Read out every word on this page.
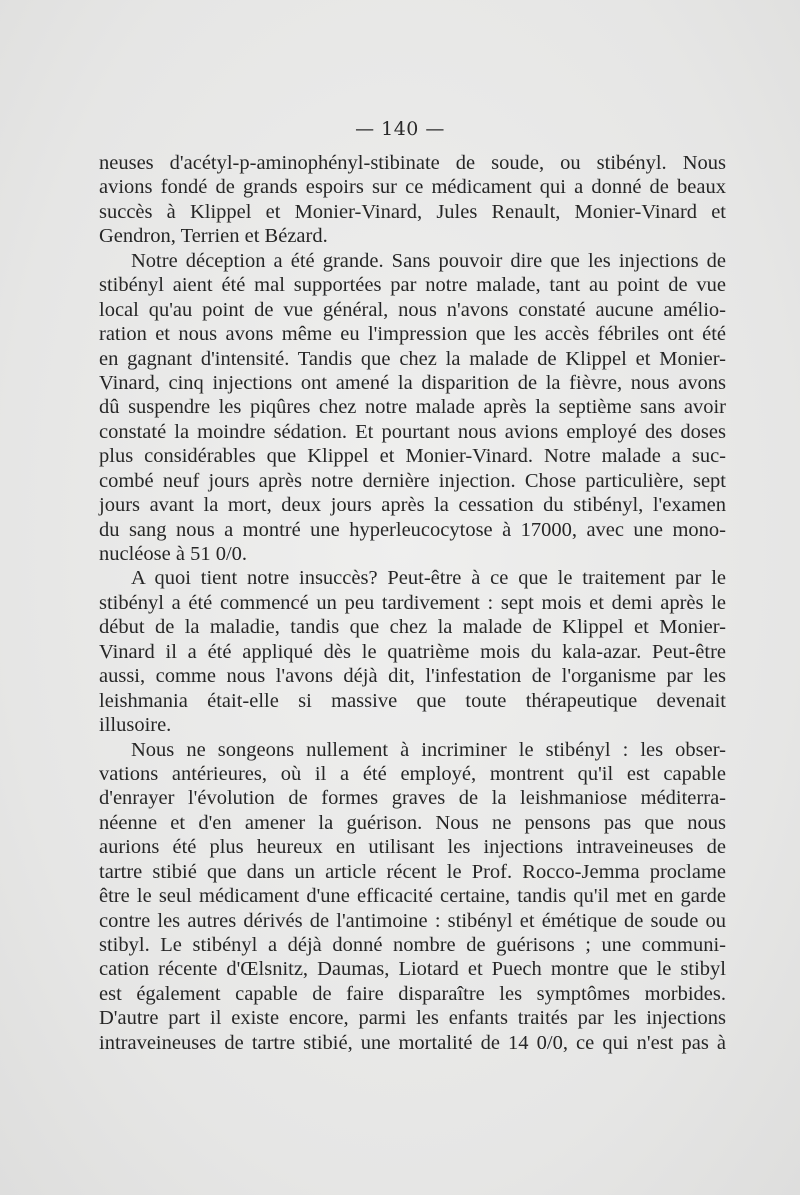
— 140 —
neuses d'acétyl-p-aminophényl-stibinate de soude, ou stibényl. Nous
avions fondé de grands espoirs sur ce médicament qui a donné de beaux
succès à Klippel et Monier-Vinard, Jules Renault, Monier-Vinard et
Gendron, Terrien et Bézard.
Notre déception a été grande. Sans pouvoir dire que les injections de
stibényl aient été mal supportées par notre malade, tant au point de vue
local qu'au point de vue général, nous n'avons constaté aucune amélio-
ration et nous avons même eu l'impression que les accès fébriles ont été
en gagnant d'intensité. Tandis que chez la malade de Klippel et Monier-
Vinard, cinq injections ont amené la disparition de la fièvre, nous avons
dû suspendre les piqûres chez notre malade après la septième sans avoir
constaté la moindre sédation. Et pourtant nous avions employé des doses
plus considérables que Klippel et Monier-Vinard. Notre malade a suc-
combé neuf jours après notre dernière injection. Chose particulière, sept
jours avant la mort, deux jours après la cessation du stibényl, l'examen
du sang nous a montré une hyperleucocytose à 17000, avec une mono-
nucléose à 51 0/0.
A quoi tient notre insuccès? Peut-être à ce que le traitement par le
stibényl a été commencé un peu tardivement : sept mois et demi après le
début de la maladie, tandis que chez la malade de Klippel et Monier-
Vinard il a été appliqué dès le quatrième mois du kala-azar. Peut-être
aussi, comme nous l'avons déjà dit, l'infestation de l'organisme par les
leishmania était-elle si massive que toute thérapeutique devenait
illusoire.
Nous ne songeons nullement à incriminer le stibényl : les obser-
vations antérieures, où il a été employé, montrent qu'il est capable
d'enrayer l'évolution de formes graves de la leishmaniose méditerra-
néenne et d'en amener la guérison. Nous ne pensons pas que nous
aurions été plus heureux en utilisant les injections intraveineuses de
tartre stibié que dans un article récent le Prof. Rocco-Jemma proclame
être le seul médicament d'une efficacité certaine, tandis qu'il met en garde
contre les autres dérivés de l'antimoine : stibényl et émétique de soude ou
stibyl. Le stibényl a déjà donné nombre de guérisons ; une communi-
cation récente d'Œlsnitz, Daumas, Liotard et Puech montre que le stibyl
est également capable de faire disparaître les symptômes morbides.
D'autre part il existe encore, parmi les enfants traités par les injections
intraveineuses de tartre stibié, une mortalité de 14 0/0, ce qui n'est pas à
